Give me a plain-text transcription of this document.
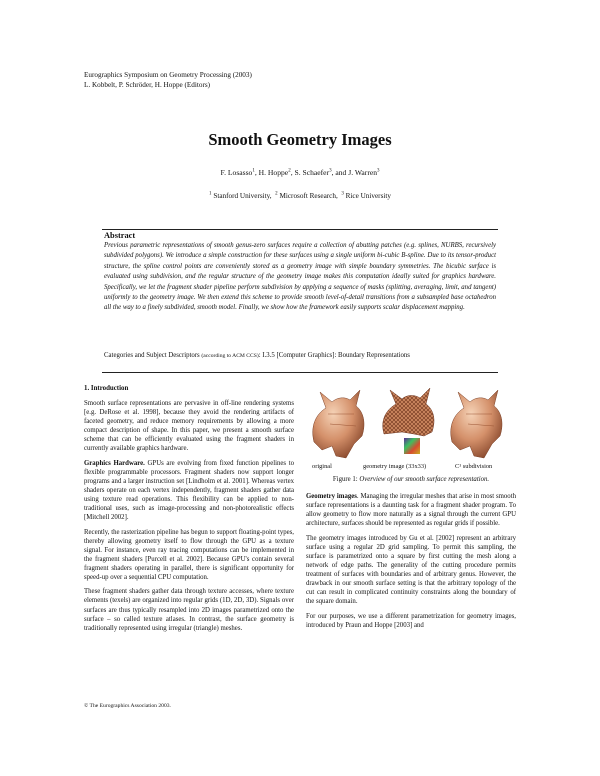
Eurographics Symposium on Geometry Processing (2003)
L. Kobbelt, P. Schröder, H. Hoppe (Editors)
Smooth Geometry Images
F. Losasso$^1$, H. Hoppe$^2$, S. Schaefer$^3$, and J. Warren$^3$
$^1$ Stanford University,  $^2$ Microsoft Research,  $^3$ Rice University
Abstract
Previous parametric representations of smooth genus-zero surfaces require a collection of abutting patches (e.g. splines, NURBS, recursively subdivided polygons). We introduce a simple construction for these surfaces using a single uniform bi-cubic B-spline. Due to its tensor-product structure, the spline control points are conveniently stored as a geometry image with simple boundary symmetries. The bicubic surface is evaluated using subdivision, and the regular structure of the geometry image makes this computation ideally suited for graphics hardware. Specifically, we let the fragment shader pipeline perform subdivision by applying a sequence of masks (splitting, averaging, limit, and tangent) uniformly to the geometry image. We then extend this scheme to provide smooth level-of-detail transitions from a subsampled base octahedron all the way to a finely subdivided, smooth model. Finally, we show how the framework easily supports scalar displacement mapping.
Categories and Subject Descriptors (according to ACM CCS): I.3.5 [Computer Graphics]: Boundary Representations

1. Introduction

Smooth surface representations are pervasive in off-line rendering systems [e.g. DeRose et al. 1998], because they avoid the rendering artifacts of faceted geometry, and reduce memory requirements by allowing a more compact description of shape. In this paper, we present a smooth surface scheme that can be efficiently evaluated using the fragment shaders in currently available graphics hardware.

Graphics Hardware. GPUs are evolving from fixed function pipelines to flexible programmable processors. Fragment shaders now support longer programs and a larger instruction set [Lindholm et al. 2001]. Whereas vertex shaders operate on each vertex independently, fragment shaders gather data using texture read operations. This flexibility can be applied to non-traditional uses, such as image-processing and non-photorealistic effects [Mitchell 2002].

Recently, the rasterization pipeline has begun to support floating-point types, thereby allowing geometry itself to flow through the GPU as a texture signal. For instance, even ray tracing computations can be implemented in the fragment shaders [Purcell et al. 2002]. Because GPU's contain several fragment shaders operating in parallel, there is significant opportunity for speed-up over a sequential CPU computation.

These fragment shaders gather data through texture accesses, where texture elements (texels) are organized into regular grids (1D, 2D, 3D). Signals over surfaces are thus typically resampled into 2D images parametrized onto the surface – so called texture atlases. In contrast, the surface geometry is traditionally represented using irregular (triangle) meshes.

© The Eurographics Association 2003.
original	geometry image (33x33)	C¹ subdivision
Figure 1: Overview of our smooth surface representation.

Geometry images. Managing the irregular meshes that arise in most smooth surface representations is a daunting task for a fragment shader program. To allow geometry to flow more naturally as a signal through the current GPU architecture, surfaces should be represented as regular grids if possible.

The geometry images introduced by Gu et al. [2002] represent an arbitrary surface using a regular 2D grid sampling. To permit this sampling, the surface is parametrized onto a square by first cutting the mesh along a network of edge paths. The generality of the cutting procedure permits treatment of surfaces with boundaries and of arbitrary genus. However, the drawback in our smooth surface setting is that the arbitrary topology of the cut can result in complicated continuity constraints along the boundary of the square domain.

For our purposes, we use a different parametrization for geometry images, introduced by Praun and Hoppe [2003] and
